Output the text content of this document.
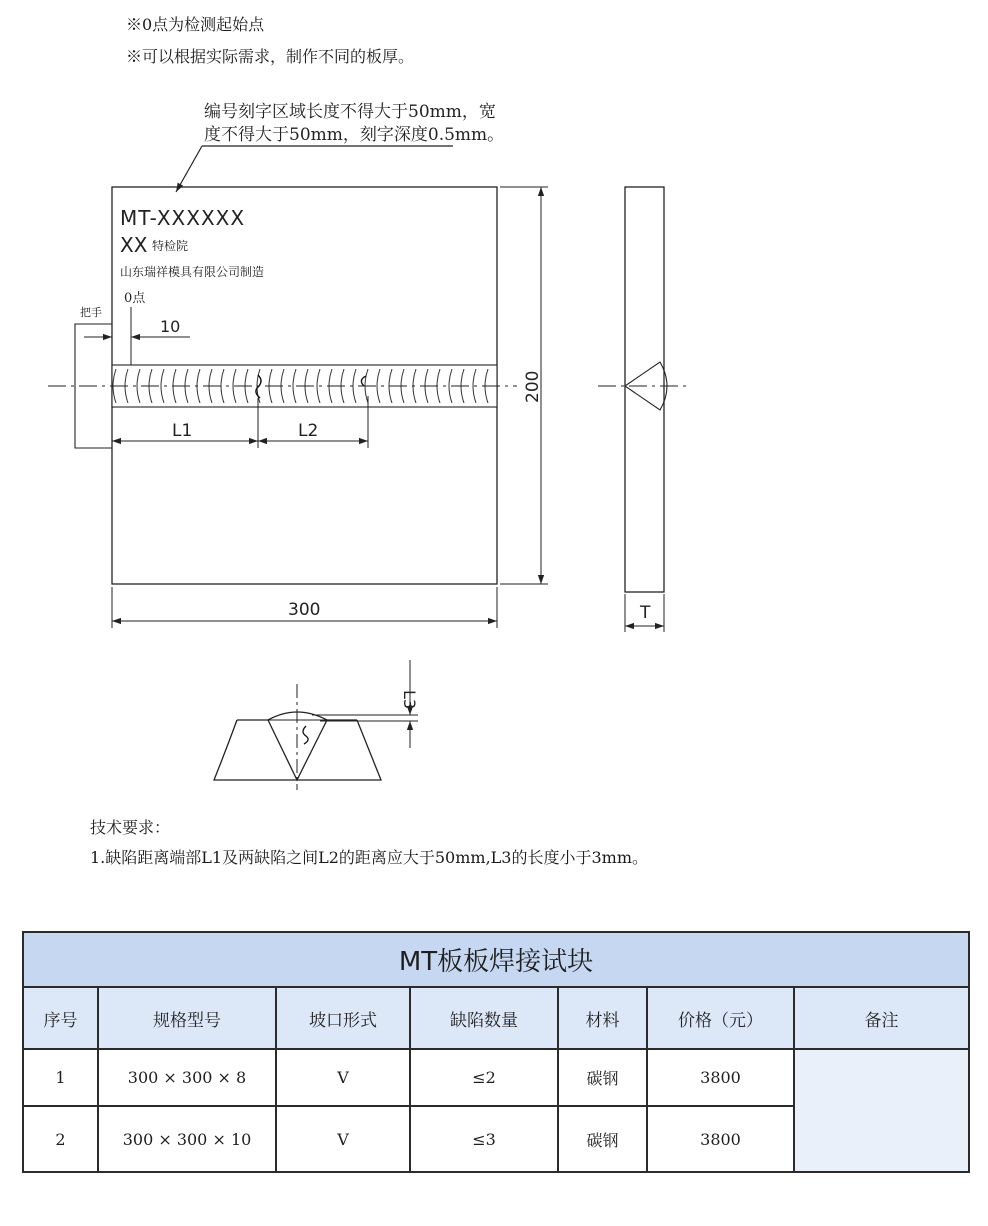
※0点为检测起始点
※可以根据实际需求，制作不同的板厚。
编号刻字区域长度不得大于50mm，宽
度不得大于50mm，刻字深度0.5mm。
MT-XXXXXX
XX 特检院
山东瑞祥模具有限公司制造
0点
把手
10
L1	L2
200
300	T
L3
技术要求：
1.缺陷距离端部L1及两缺陷之间L2的距离应大于50mm,L3的长度小于3mm。
MT板板焊接试块						
序号	规格型号	坡口形式	缺陷数量	材料	价格（元）	备注
1	300 × 300 × 8	V	≤2	碳钢	3800	
2	300 × 300 × 10	V	≤3	碳钢	3800	
